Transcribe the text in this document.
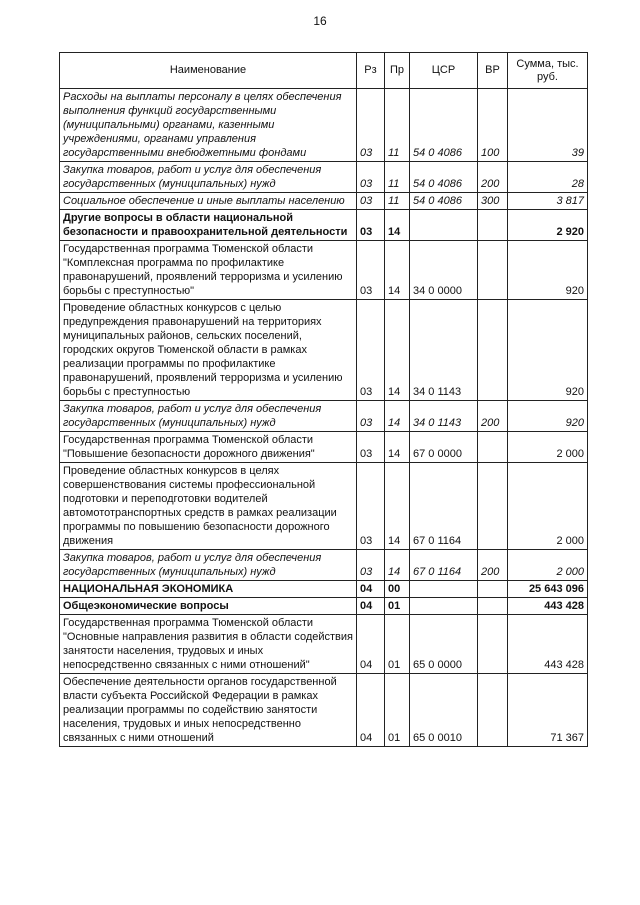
16
Наименование	Рз	Пр	ЦСР	ВР	Сумма, тыс. руб.
Расходы на выплаты персоналу в целях обеспечения выполнения функций государственными (муниципальными) органами, казенными учреждениями, органами управления государственными внебюджетными фондами	03	11	54 0 4086	100	39
Закупка товаров, работ и услуг для обеспечения государственных (муниципальных) нужд	03	11	54 0 4086	200	28
Социальное обеспечение и иные выплаты населению	03	11	54 0 4086	300	3 817
Другие вопросы в области национальной безопасности и правоохранительной деятельности	03	14			2 920
Государственная программа Тюменской области "Комплексная программа по профилактике правонарушений, проявлений терроризма и усилению борьбы с преступностью"	03	14	34 0 0000		920
Проведение областных конкурсов с целью предупреждения правонарушений на территориях муниципальных районов, сельских поселений, городских округов Тюменской области в рамках реализации программы по профилактике правонарушений, проявлений терроризма и усилению борьбы с преступностью	03	14	34 0 1143		920
Закупка товаров, работ и услуг для обеспечения государственных (муниципальных) нужд	03	14	34 0 1143	200	920
Государственная программа Тюменской области "Повышение безопасности дорожного движения"	03	14	67 0 0000		2 000
Проведение областных конкурсов в целях совершенствования системы профессиональной подготовки и переподготовки водителей автомототранспортных средств в рамках реализации программы по повышению безопасности дорожного движения	03	14	67 0 1164		2 000
Закупка товаров, работ и услуг для обеспечения государственных (муниципальных) нужд	03	14	67 0 1164	200	2 000
НАЦИОНАЛЬНАЯ ЭКОНОМИКА	04	00			25 643 096
Общеэкономические вопросы	04	01			443 428
Государственная программа Тюменской области "Основные направления развития в области содействия занятости населения, трудовых и иных непосредственно связанных с ними отношений"	04	01	65 0 0000		443 428
Обеспечение деятельности органов государственной власти субъекта Российской Федерации в рамках реализации программы по содействию занятости населения, трудовых и иных непосредственно связанных с ними отношений	04	01	65 0 0010		71 367
